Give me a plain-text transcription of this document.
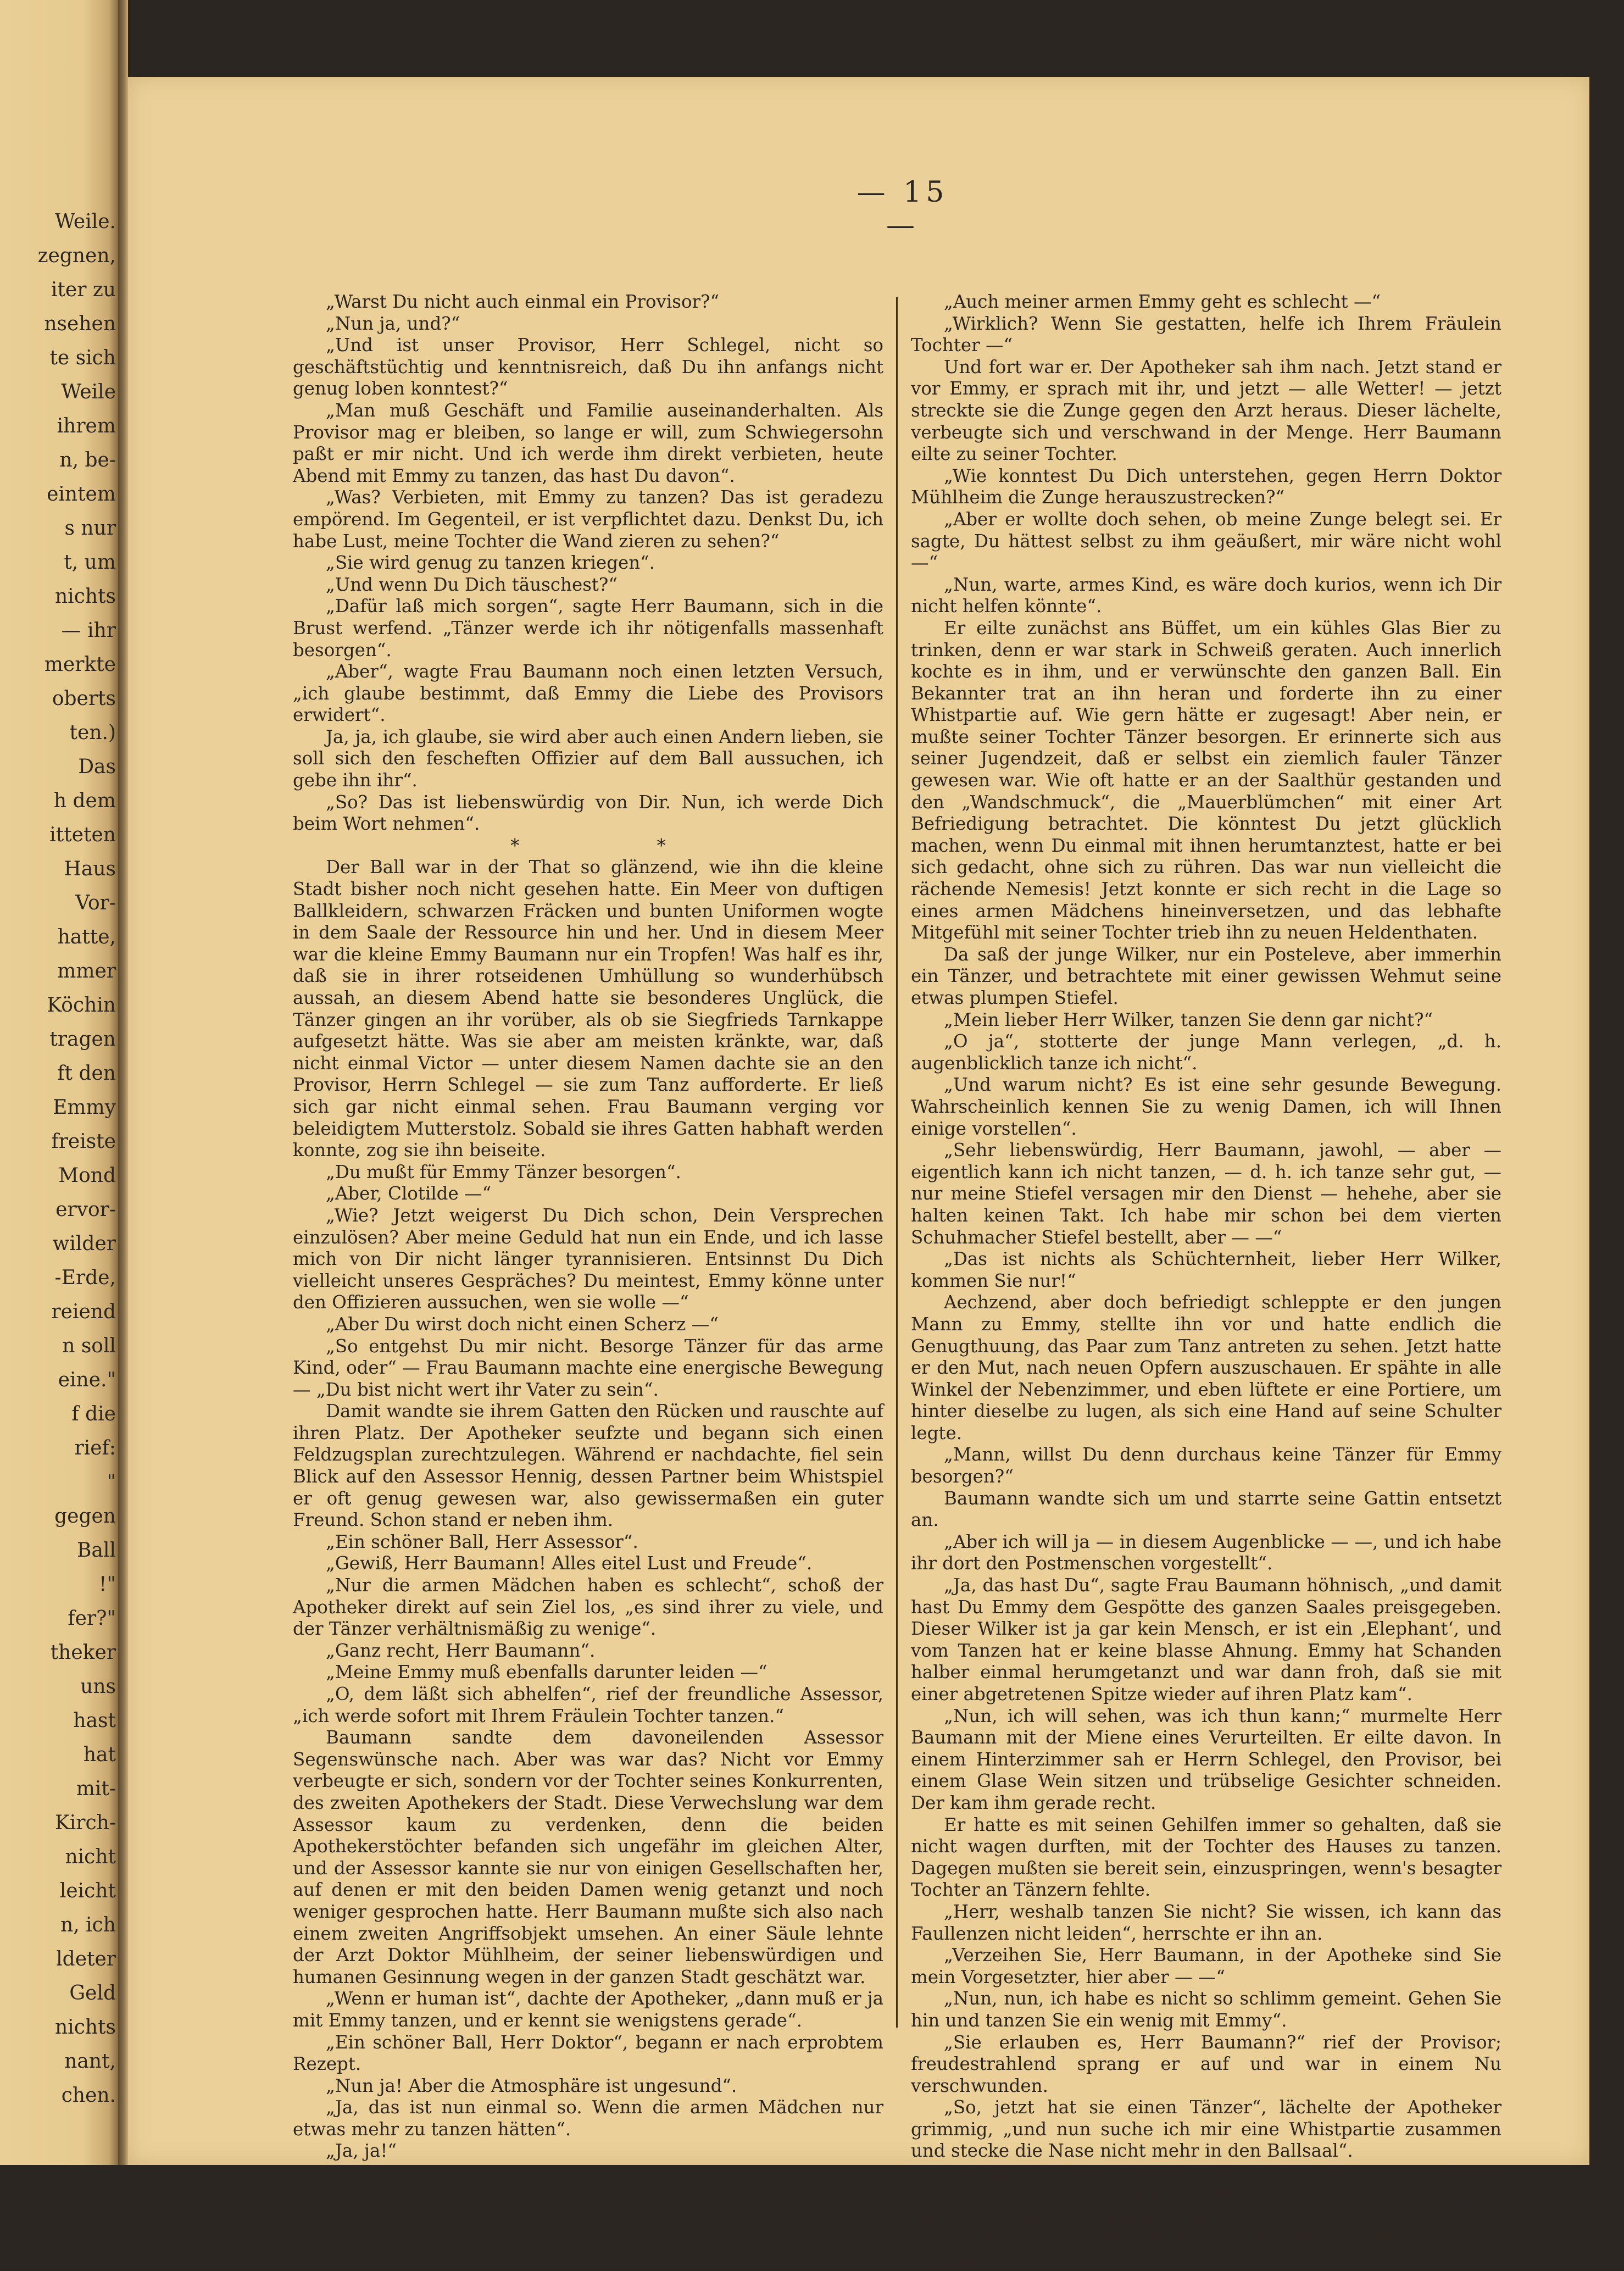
Weile.
zegnen,
iter zu
nsehen
te sich
Weile
ihrem
n, be-
eintem
s nur
t, um
nichts
— ihr
merkte
oberts
ten.)
Das
h dem
itteten
Haus
Vor-
hatte,
mmer
Köchin
tragen
ft den
Emmy
freiste
Mond
ervor-
wilder
-Erde,
reiend
n soll
eine."
f die
rief:
"
gegen
Ball
!"
fer?"
theker
uns
hast
hat
mit-
Kirch-
nicht
leicht
n, ich
ldeter
Geld
nichts
nant,
chen.
— 15 —

„Warst Du nicht auch einmal ein Provisor?“

„Nun ja, und?“

„Und ist unser Provisor, Herr Schlegel, nicht so geschäftstüchtig und kenntnisreich, daß Du ihn anfangs nicht genug loben konntest?“

„Man muß Geschäft und Familie auseinanderhalten. Als Provisor mag er bleiben, so lange er will, zum Schwiegersohn paßt er mir nicht. Und ich werde ihm direkt verbieten, heute Abend mit Emmy zu tanzen, das hast Du davon“.

„Was? Verbieten, mit Emmy zu tanzen? Das ist geradezu empörend. Im Gegenteil, er ist verpflichtet dazu. Denkst Du, ich habe Lust, meine Tochter die Wand zieren zu sehen?“

„Sie wird genug zu tanzen kriegen“.

„Und wenn Du Dich täuschest?“

„Dafür laß mich sorgen“, sagte Herr Baumann, sich in die Brust werfend. „Tänzer werde ich ihr nötigenfalls massenhaft besorgen“.

„Aber“, wagte Frau Baumann noch einen letzten Versuch, „ich glaube bestimmt, daß Emmy die Liebe des Provisors erwidert“.

Ja, ja, ich glaube, sie wird aber auch einen Andern lieben, sie soll sich den fescheften Offizier auf dem Ball aussuchen, ich gebe ihn ihr“.

„So? Das ist liebenswürdig von Dir. Nun, ich werde Dich beim Wort nehmen“.

* *

Der Ball war in der That so glänzend, wie ihn die kleine Stadt bisher noch nicht gesehen hatte. Ein Meer von duftigen Ballkleidern, schwarzen Fräcken und bunten Uniformen wogte in dem Saale der Ressource hin und her. Und in diesem Meer war die kleine Emmy Baumann nur ein Tropfen! Was half es ihr, daß sie in ihrer rotseidenen Umhüllung so wunderhübsch aussah, an diesem Abend hatte sie besonderes Unglück, die Tänzer gingen an ihr vorüber, als ob sie Siegfrieds Tarnkappe aufgesetzt hätte. Was sie aber am meisten kränkte, war, daß nicht einmal Victor — unter diesem Namen dachte sie an den Provisor, Herrn Schlegel — sie zum Tanz aufforderte. Er ließ sich gar nicht einmal sehen. Frau Baumann verging vor beleidigtem Mutterstolz. Sobald sie ihres Gatten habhaft werden konnte, zog sie ihn beiseite.

„Du mußt für Emmy Tänzer besorgen“.

„Aber, Clotilde —“

„Wie? Jetzt weigerst Du Dich schon, Dein Versprechen einzulösen? Aber meine Geduld hat nun ein Ende, und ich lasse mich von Dir nicht länger tyrannisieren. Entsinnst Du Dich vielleicht unseres Gespräches? Du meintest, Emmy könne unter den Offizieren aussuchen, wen sie wolle —“

„Aber Du wirst doch nicht einen Scherz —“

„So entgehst Du mir nicht. Besorge Tänzer für das arme Kind, oder“ — Frau Baumann machte eine energische Bewegung — „Du bist nicht wert ihr Vater zu sein“.

Damit wandte sie ihrem Gatten den Rücken und rauschte auf ihren Platz. Der Apotheker seufzte und begann sich einen Feldzugsplan zurechtzulegen. Während er nachdachte, fiel sein Blick auf den Assessor Hennig, dessen Partner beim Whistspiel er oft genug gewesen war, also gewissermaßen ein guter Freund. Schon stand er neben ihm.

„Ein schöner Ball, Herr Assessor“.

„Gewiß, Herr Baumann! Alles eitel Lust und Freude“.

„Nur die armen Mädchen haben es schlecht“, schoß der Apotheker direkt auf sein Ziel los, „es sind ihrer zu viele, und der Tänzer verhältnismäßig zu wenige“.

„Ganz recht, Herr Baumann“.

„Meine Emmy muß ebenfalls darunter leiden —“

„O, dem läßt sich abhelfen“, rief der freundliche Assessor, „ich werde sofort mit Ihrem Fräulein Tochter tanzen.“

Baumann sandte dem davoneilenden Assessor Segenswünsche nach. Aber was war das? Nicht vor Emmy verbeugte er sich, sondern vor der Tochter seines Konkurrenten, des zweiten Apothekers der Stadt. Diese Verwechslung war dem Assessor kaum zu verdenken, denn die beiden Apothekerstöchter befanden sich ungefähr im gleichen Alter, und der Assessor kannte sie nur von einigen Gesellschaften her, auf denen er mit den beiden Damen wenig getanzt und noch weniger gesprochen hatte. Herr Baumann mußte sich also nach einem zweiten Angriffsobjekt umsehen. An einer Säule lehnte der Arzt Doktor Mühlheim, der seiner liebenswürdigen und humanen Gesinnung wegen in der ganzen Stadt geschätzt war.

„Wenn er human ist“, dachte der Apotheker, „dann muß er ja mit Emmy tanzen, und er kennt sie wenigstens gerade“.

„Ein schöner Ball, Herr Doktor“, begann er nach erprobtem Rezept.

„Nun ja! Aber die Atmosphäre ist ungesund“.

„Ja, das ist nun einmal so. Wenn die armen Mädchen nur etwas mehr zu tanzen hätten“.

„Ja, ja!“

„Auch meiner armen Emmy geht es schlecht —“

„Wirklich? Wenn Sie gestatten, helfe ich Ihrem Fräulein Tochter —“

Und fort war er. Der Apotheker sah ihm nach. Jetzt stand er vor Emmy, er sprach mit ihr, und jetzt — alle Wetter! — jetzt streckte sie die Zunge gegen den Arzt heraus. Dieser lächelte, verbeugte sich und verschwand in der Menge. Herr Baumann eilte zu seiner Tochter.

„Wie konntest Du Dich unterstehen, gegen Herrn Doktor Mühlheim die Zunge herauszustrecken?“

„Aber er wollte doch sehen, ob meine Zunge belegt sei. Er sagte, Du hättest selbst zu ihm geäußert, mir wäre nicht wohl —“

„Nun, warte, armes Kind, es wäre doch kurios, wenn ich Dir nicht helfen könnte“.

Er eilte zunächst ans Büffet, um ein kühles Glas Bier zu trinken, denn er war stark in Schweiß geraten. Auch innerlich kochte es in ihm, und er verwünschte den ganzen Ball. Ein Bekannter trat an ihn heran und forderte ihn zu einer Whistpartie auf. Wie gern hätte er zugesagt! Aber nein, er mußte seiner Tochter Tänzer besorgen. Er erinnerte sich aus seiner Jugendzeit, daß er selbst ein ziemlich fauler Tänzer gewesen war. Wie oft hatte er an der Saalthür gestanden und den „Wandschmuck“, die „Mauerblümchen“ mit einer Art Befriedigung betrachtet. Die könntest Du jetzt glücklich machen, wenn Du einmal mit ihnen herumtanztest, hatte er bei sich gedacht, ohne sich zu rühren. Das war nun vielleicht die rächende Nemesis! Jetzt konnte er sich recht in die Lage so eines armen Mädchens hineinversetzen, und das lebhafte Mitgefühl mit seiner Tochter trieb ihn zu neuen Heldenthaten.

Da saß der junge Wilker, nur ein Posteleve, aber immerhin ein Tänzer, und betrachtete mit einer gewissen Wehmut seine etwas plumpen Stiefel.

„Mein lieber Herr Wilker, tanzen Sie denn gar nicht?“

„O ja“, stotterte der junge Mann verlegen, „d. h. augenblicklich tanze ich nicht“.

„Und warum nicht? Es ist eine sehr gesunde Bewegung. Wahrscheinlich kennen Sie zu wenig Damen, ich will Ihnen einige vorstellen“.

„Sehr liebenswürdig, Herr Baumann, jawohl, — aber — eigentlich kann ich nicht tanzen, — d. h. ich tanze sehr gut, — nur meine Stiefel versagen mir den Dienst — hehehe, aber sie halten keinen Takt. Ich habe mir schon bei dem vierten Schuhmacher Stiefel bestellt, aber — —“

„Das ist nichts als Schüchternheit, lieber Herr Wilker, kommen Sie nur!“

Aechzend, aber doch befriedigt schleppte er den jungen Mann zu Emmy, stellte ihn vor und hatte endlich die Genugthuung, das Paar zum Tanz antreten zu sehen. Jetzt hatte er den Mut, nach neuen Opfern auszuschauen. Er spähte in alle Winkel der Nebenzimmer, und eben lüftete er eine Portiere, um hinter dieselbe zu lugen, als sich eine Hand auf seine Schulter legte.

„Mann, willst Du denn durchaus keine Tänzer für Emmy besorgen?“

Baumann wandte sich um und starrte seine Gattin entsetzt an.

„Aber ich will ja — in diesem Augenblicke — —, und ich habe ihr dort den Postmenschen vorgestellt“.

„Ja, das hast Du“, sagte Frau Baumann höhnisch, „und damit hast Du Emmy dem Gespötte des ganzen Saales preisgegeben. Dieser Wilker ist ja gar kein Mensch, er ist ein ‚Elephant‘, und vom Tanzen hat er keine blasse Ahnung. Emmy hat Schanden halber einmal herumgetanzt und war dann froh, daß sie mit einer abgetretenen Spitze wieder auf ihren Platz kam“.

„Nun, ich will sehen, was ich thun kann;“ murmelte Herr Baumann mit der Miene eines Verurteilten. Er eilte davon. In einem Hinterzimmer sah er Herrn Schlegel, den Provisor, bei einem Glase Wein sitzen und trübselige Gesichter schneiden. Der kam ihm gerade recht.

Er hatte es mit seinen Gehilfen immer so gehalten, daß sie nicht wagen durften, mit der Tochter des Hauses zu tanzen. Dagegen mußten sie bereit sein, einzuspringen, wenn's besagter Tochter an Tänzern fehlte.

„Herr, weshalb tanzen Sie nicht? Sie wissen, ich kann das Faullenzen nicht leiden“, herrschte er ihn an.

„Verzeihen Sie, Herr Baumann, in der Apotheke sind Sie mein Vorgesetzter, hier aber — —“

„Nun, nun, ich habe es nicht so schlimm gemeint. Gehen Sie hin und tanzen Sie ein wenig mit Emmy“.

„Sie erlauben es, Herr Baumann?“ rief der Provisor; freudestrahlend sprang er auf und war in einem Nu verschwunden.

„So, jetzt hat sie einen Tänzer“, lächelte der Apotheker grimmig, „und nun suche ich mir eine Whistpartie zusammen und stecke die Nase nicht mehr in den Ballsaal“.

Und Herr Baumann spielte unentwegt Whist. Leider nahte aber die Stunde des Soupers, und er mußte an seine Familie denken. Düstere Ahnungen zwangen ihn, sich auf neue Stürme von seiten seiner Gattin gefaßt zu machen. Er hatte sich nicht getäuscht.
